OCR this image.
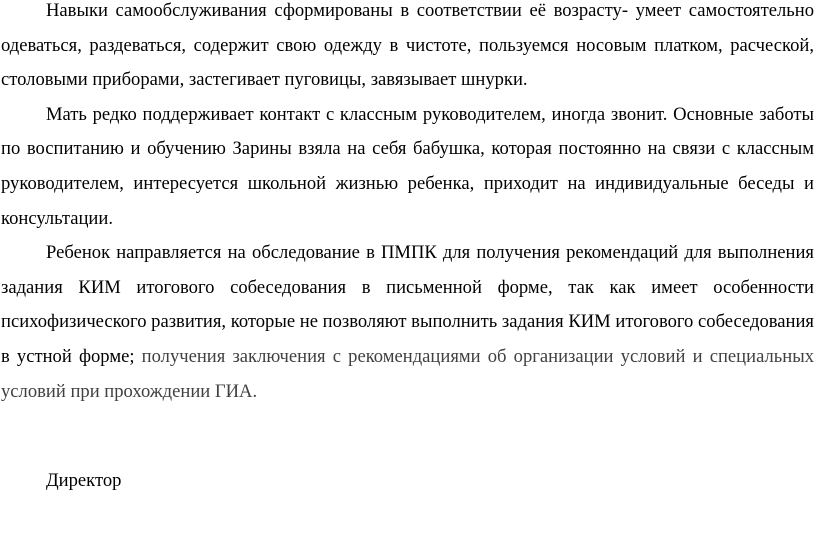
Навыки самообслуживания сформированы в соответствии её возрасту- умеет самостоятельно одеваться, раздеваться, содержит свою одежду в чистоте, пользуемся носовым платком, расческой, столовыми приборами, застегивает пуговицы, завязывает шнурки.

Мать редко поддерживает контакт с классным руководителем, иногда звонит. Основные заботы по воспитанию и обучению Зарины взяла на себя бабушка, которая постоянно на связи с классным руководителем, интересуется школьной жизнью ребенка, приходит на индивидуальные беседы и консультации.

Ребенок направляется на обследование в ПМПК для получения рекомендаций для выполнения задания КИМ итогового собеседования в письменной форме, так как имеет особенности психофизического развития, которые не позволяют выполнить задания КИМ итогового собеседования в устной форме; получения заключения с рекомендациями об организации условий и специальных условий при прохождении ГИА.

Директор
